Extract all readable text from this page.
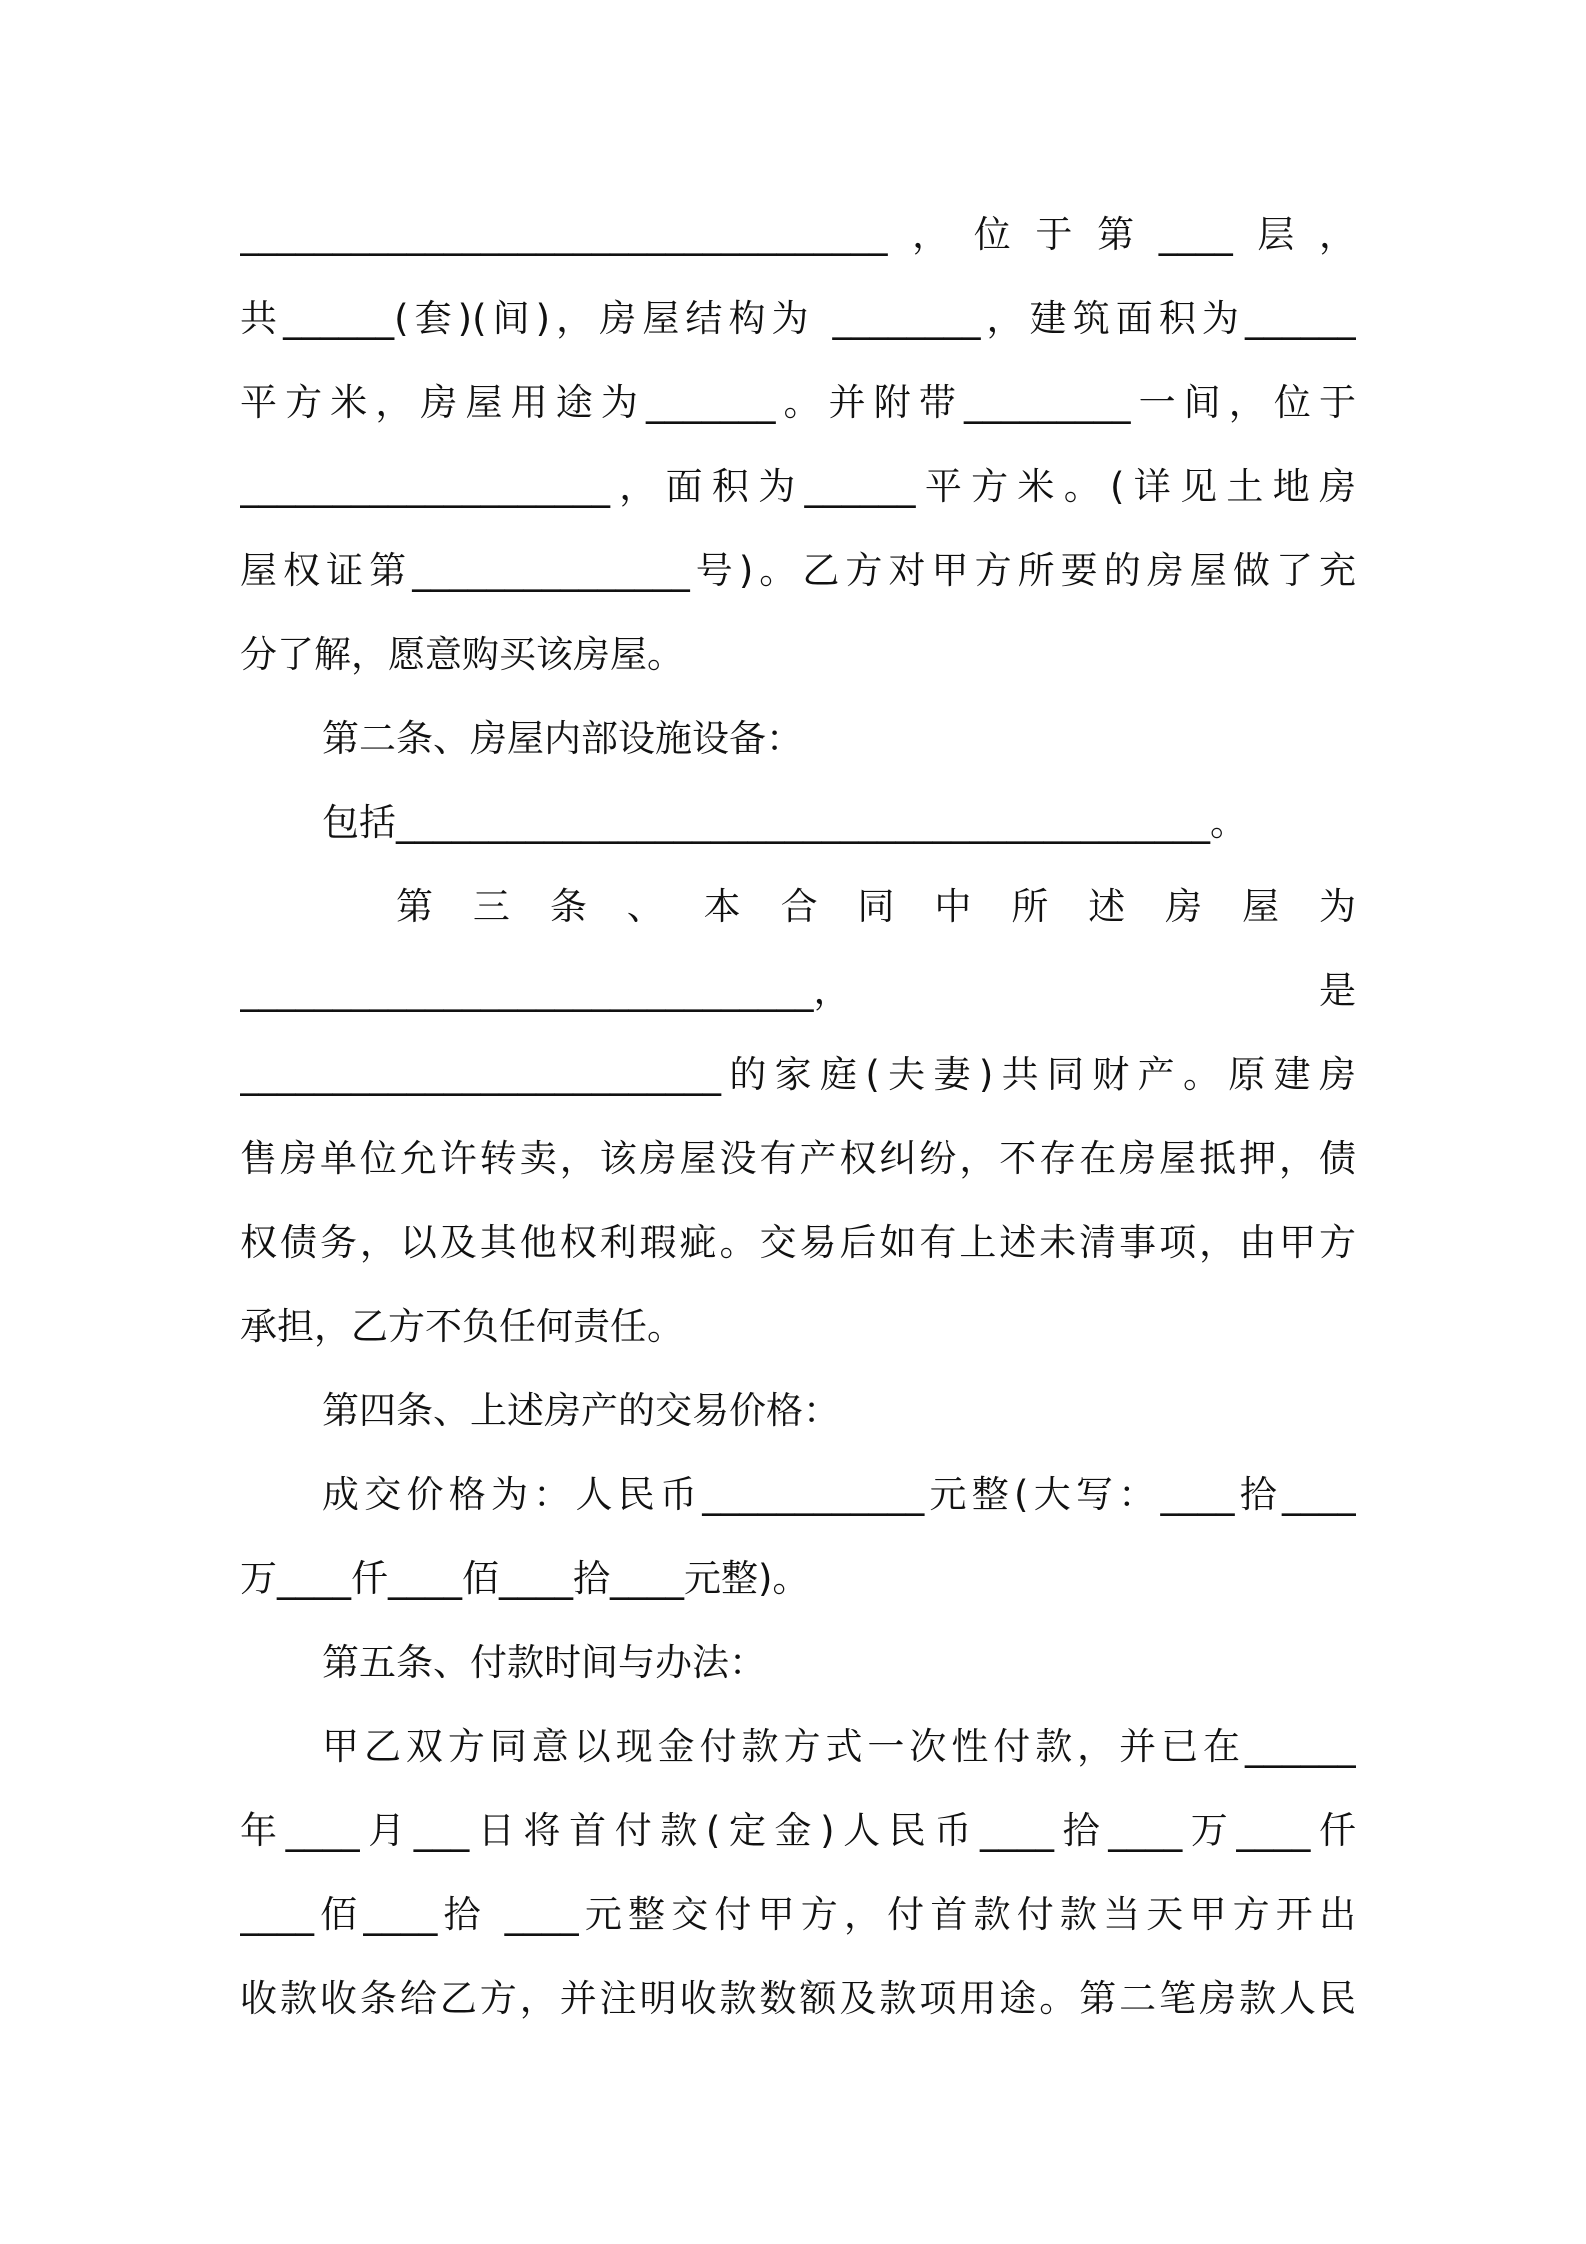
___________________________________，位于第____层，
共______(套)(间)，房屋结构为 ________，建筑面积为______
平方米，房屋用途为_______。并附带_________一间，位于
____________________，面积为______平方米。(详见土地房
屋权证第_______________号)。乙方对甲方所要的房屋做了充
分了解，愿意购买该房屋。
第二条、房屋内部设施设备：
包括____________________________________________。
第三条、本合同中所述房屋为
_______________________________，	是
__________________________的家庭(夫妻)共同财产。原建房
售房单位允许转卖，该房屋没有产权纠纷，不存在房屋抵押，债
权债务，以及其他权利瑕疵。交易后如有上述未清事项，由甲方
承担，乙方不负任何责任。
第四条、上述房产的交易价格：
成交价格为：人民币____________元整(大写：____拾____
万____仟____佰____拾____元整)。
第五条、付款时间与办法：
甲乙双方同意以现金付款方式一次性付款，并已在______
年____月___日将首付款(定金)人民币____拾____万____仟
____佰____拾 ____元整交付甲方，付首款付款当天甲方开出
收款收条给乙方，并注明收款数额及款项用途。第二笔房款人民
